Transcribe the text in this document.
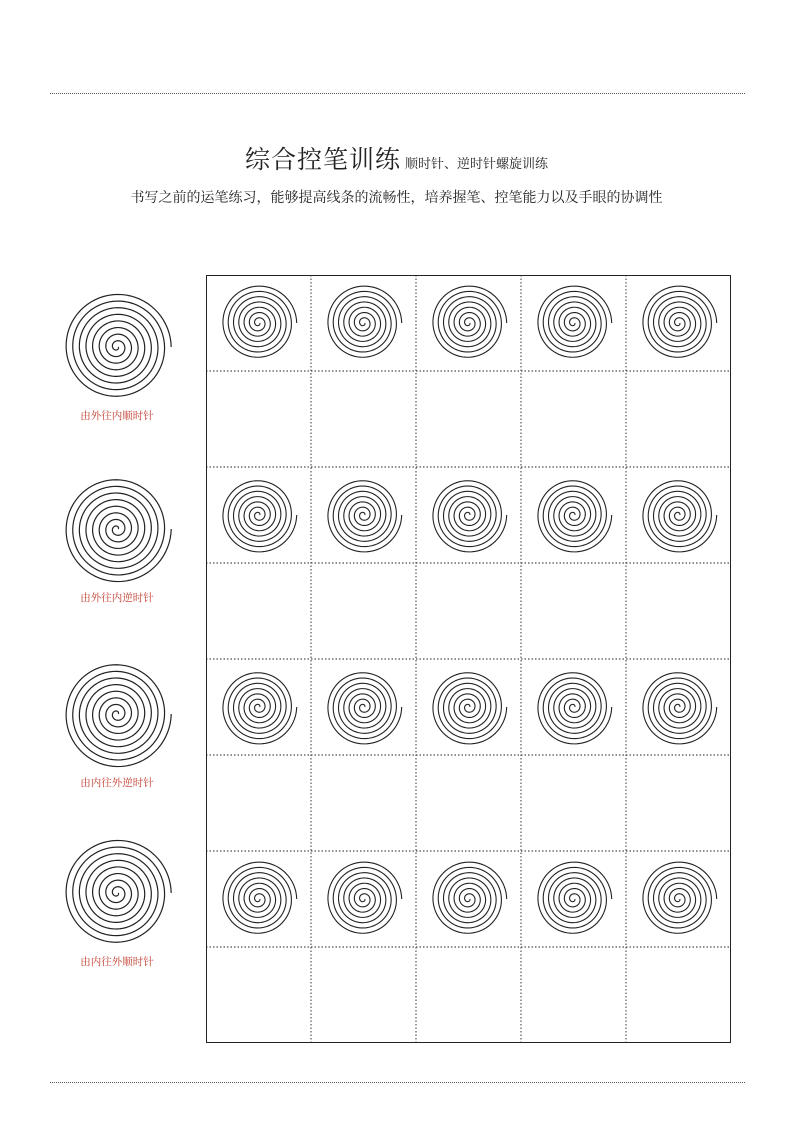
综合控笔训练 顺时针、逆时针螺旋训练
书写之前的运笔练习，能够提高线条的流畅性，培养握笔、控笔能力以及手眼的协调性
由外往内顺时针
由外往内逆时针
由内往外逆时针
由内往外顺时针
